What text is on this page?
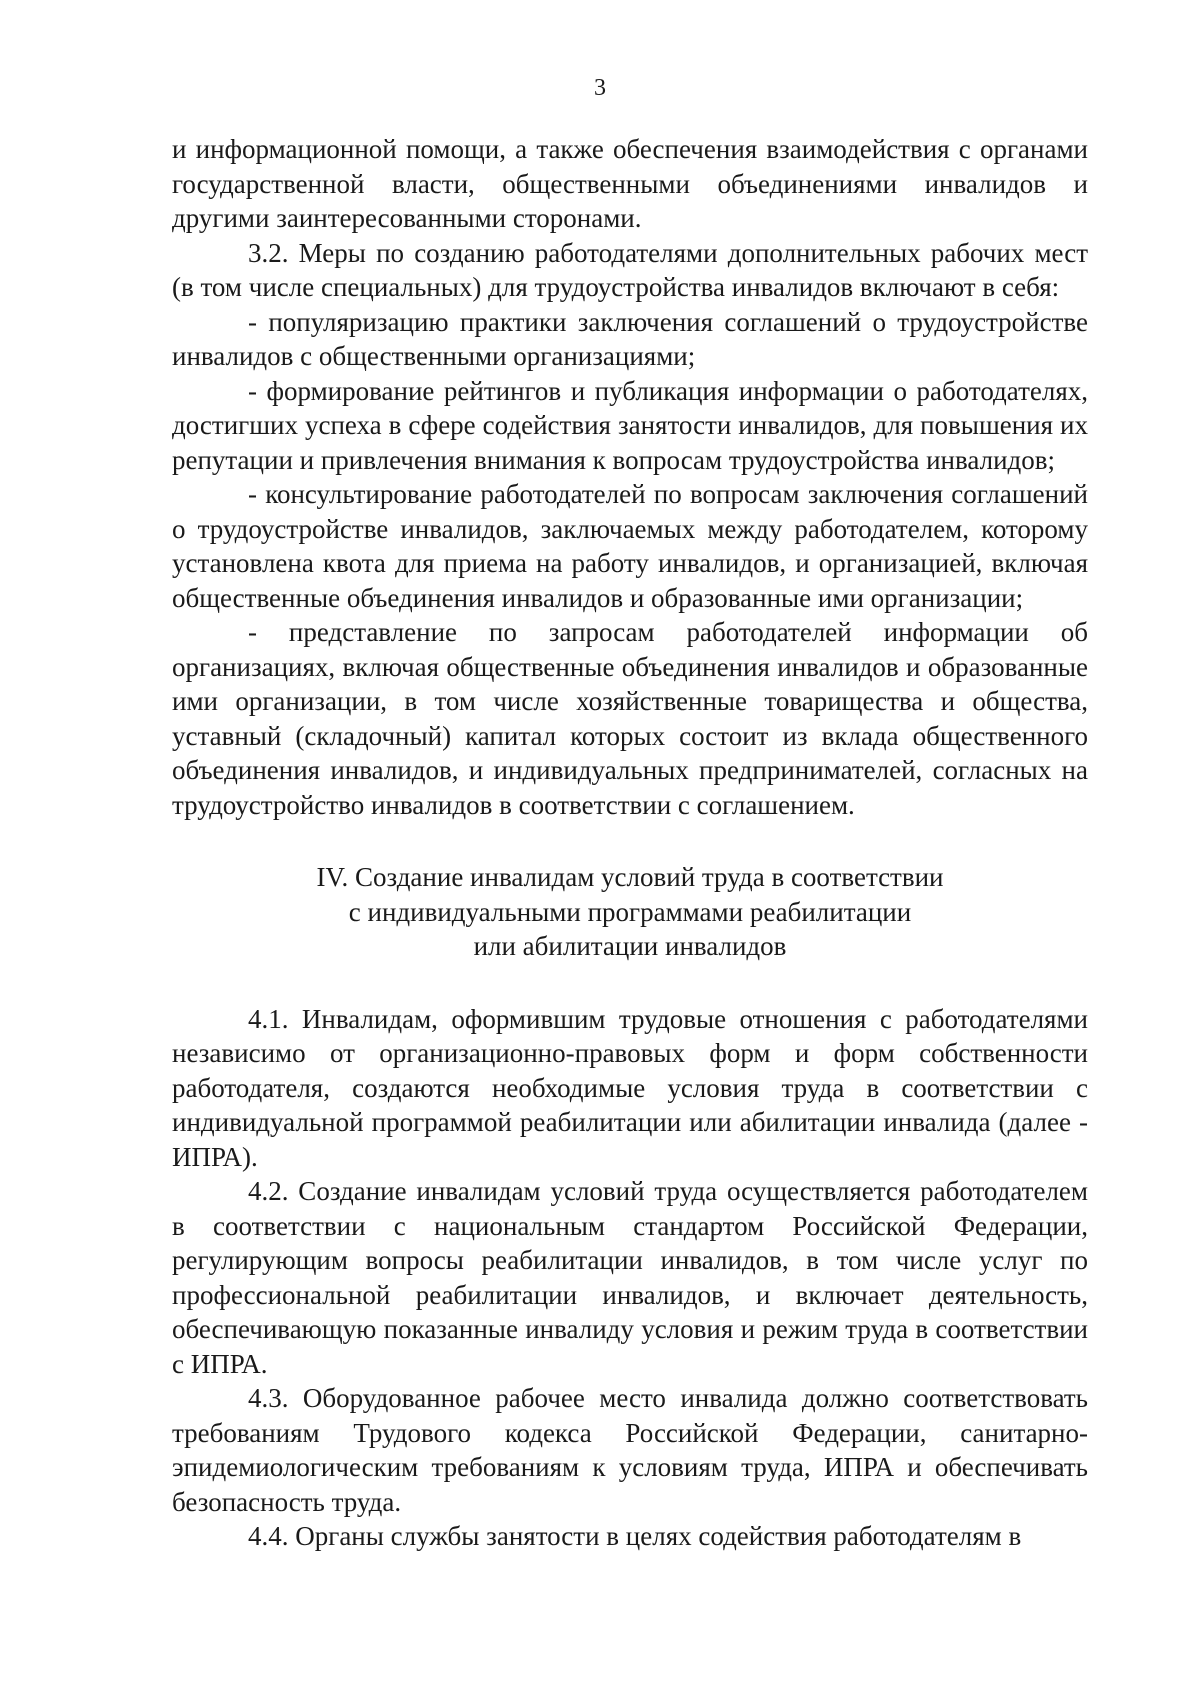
3

и информационной помощи, а также обеспечения взаимодействия с органами государственной власти, общественными объединениями инвалидов и другими заинтересованными сторонами.

3.2. Меры по созданию работодателями дополнительных рабочих мест (в том числе специальных) для трудоустройства инвалидов включают в себя:

- популяризацию практики заключения соглашений о трудоустройстве инвалидов с общественными организациями;

- формирование рейтингов и публикация информации о работодателях, достигших успеха в сфере содействия занятости инвалидов, для повышения их репутации и привлечения внимания к вопросам трудоустройства инвалидов;

- консультирование работодателей по вопросам заключения соглашений о трудоустройстве инвалидов, заключаемых между работодателем, которому установлена квота для приема на работу инвалидов, и организацией, включая общественные объединения инвалидов и образованные ими организации;

- представление по запросам работодателей информации об организациях, включая общественные объединения инвалидов и образованные ими организации, в том числе хозяйственные товарищества и общества, уставный (складочный) капитал которых состоит из вклада общественного объединения инвалидов, и индивидуальных предпринимателей, согласных на трудоустройство инвалидов в соответствии с соглашением.

IV. Создание инвалидам условий труда в соответствии
с индивидуальными программами реабилитации
или абилитации инвалидов

4.1. Инвалидам, оформившим трудовые отношения с работодателями независимо от организационно-правовых форм и форм собственности работодателя, создаются необходимые условия труда в соответствии с индивидуальной программой реабилитации или абилитации инвалида (далее - ИПРА).

4.2. Создание инвалидам условий труда осуществляется работодателем в соответствии с национальным стандартом Российской Федерации, регулирующим вопросы реабилитации инвалидов, в том числе услуг по профессиональной реабилитации инвалидов, и включает деятельность, обеспечивающую показанные инвалиду условия и режим труда в соответствии с ИПРА.

4.3. Оборудованное рабочее место инвалида должно соответствовать требованиям Трудового кодекса Российской Федерации, санитарно-эпидемиологическим требованиям к условиям труда, ИПРА и обеспечивать безопасность труда.

4.4. Органы службы занятости в целях содействия работодателям в
